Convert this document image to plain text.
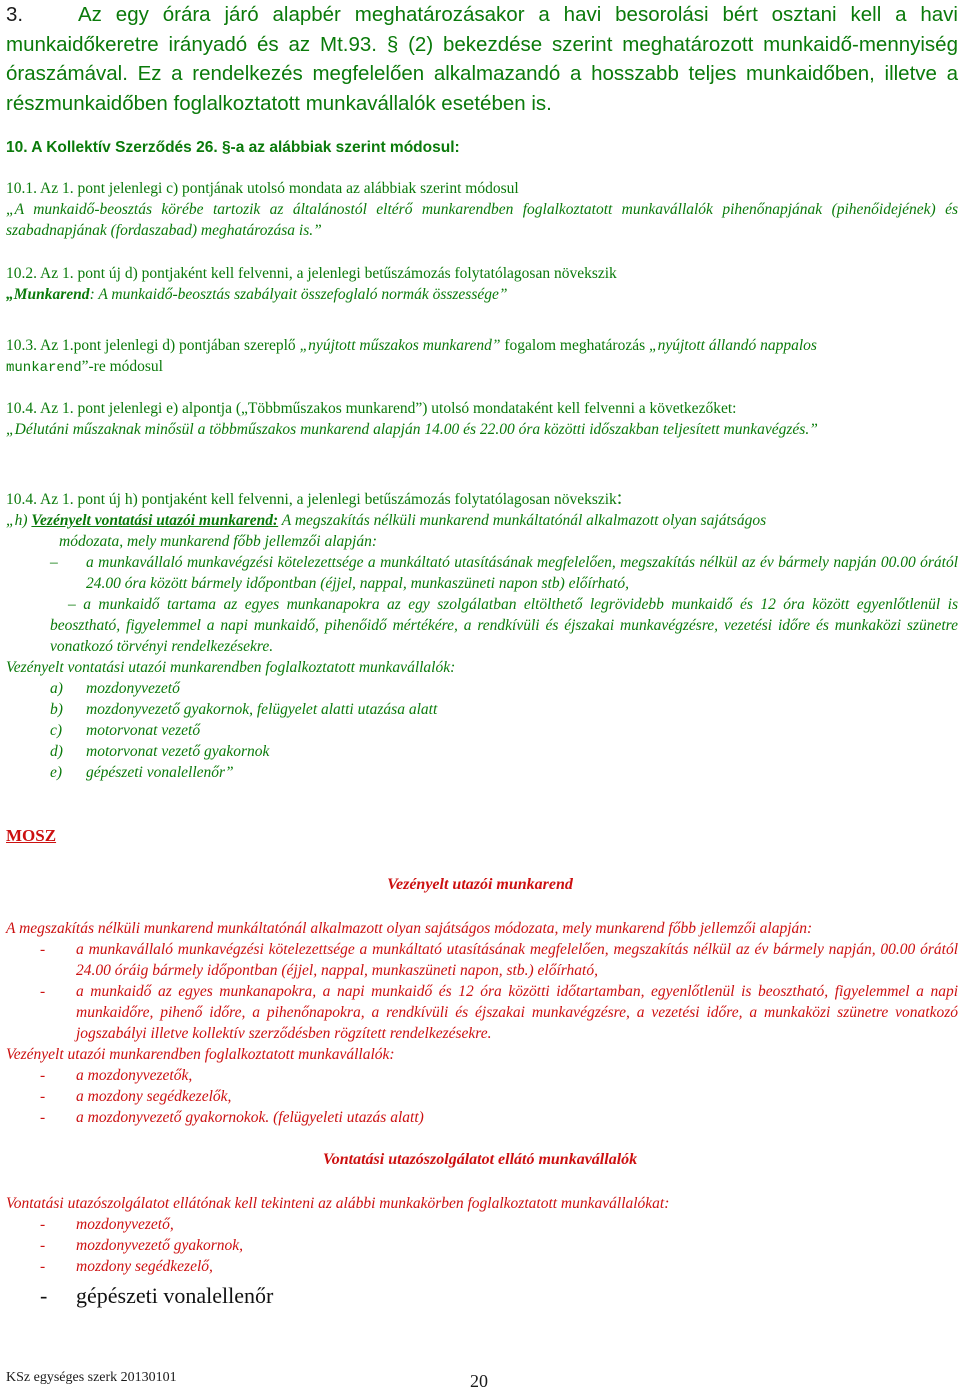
3.	Az egy órára járó alapbér meghatározásakor a havi besorolási bért osztani kell a havi munkaidőkeretre irányadó és az Mt.93. § (2) bekezdése szerint meghatározott munkaidő-mennyiség óraszámával. Ez a rendelkezés megfelelően alkalmazandó a hosszabb teljes munkaidőben, illetve a részmunkaidőben foglalkoztatott munkavállalók esetében is.
10. A Kollektív Szerződés 26. §-a az alábbiak szerint módosul:
10.1. Az 1. pont jelenlegi c) pontjának utolsó mondata az alábbiak szerint módosul
„A munkaidő-beosztás körébe tartozik az általánostól eltérő munkarendben foglalkoztatott munkavállalók pihenőnapjának (pihenőidejének) és szabadnapjának (fordaszabad) meghatározása is.”
10.2. Az 1. pont új d) pontjaként kell felvenni, a jelenlegi betűszámozás folytatólagosan növekszik
„Munkarend: A munkaidő-beosztás szabályait összefoglaló normák összessége”
10.3. Az 1.pont jelenlegi d) pontjában szereplő „nyújtott műszakos munkarend” fogalom meghatározás „nyújtott állandó nappalos
munkarend”-re módosul
10.4. Az 1. pont jelenlegi e) alpontja („Többműszakos munkarend”) utolsó mondataként kell felvenni a következőket:
„Délutáni műszaknak minősül a többműszakos munkarend alapján 14.00 és 22.00 óra közötti időszakban teljesített munkavégzés.”
10.4. Az 1. pont új h) pontjaként kell felvenni, a jelenlegi betűszámozás folytatólagosan növekszik:
„h) Vezényelt vontatási utazói munkarend: A megszakítás nélküli munkarend munkáltatónál alkalmazott olyan sajátságos
módozata, mely munkarend főbb jellemzői alapján:
– a munkavállaló munkavégzési kötelezettsége a munkáltató utasításának megfelelően, megszakítás nélkül az év bármely napján 00.00 órától 24.00 óra között bármely időpontban (éjjel, nappal, munkaszüneti napon stb) előírható,
– a munkaidő tartama az egyes munkanapokra az egy szolgálatban eltölthető legrövidebb munkaidő és 12 óra között egyenlőtlenül is beosztható, figyelemmel a napi munkaidő, pihenőidő mértékére, a rendkívüli és éjszakai munkavégzésre, vezetési időre és munkaközi szünetre vonatkozó törvényi rendelkezésekre.
Vezényelt vontatási utazói munkarendben foglalkoztatott munkavállalók:
a) mozdonyvezető
b) mozdonyvezető gyakornok, felügyelet alatti utazása alatt
c) motorvonat vezető
d) motorvonat vezető gyakornok
e) gépészeti vonalellenőr”
MOSZ
Vezényelt utazói munkarend
A megszakítás nélküli munkarend munkáltatónál alkalmazott olyan sajátságos módozata, mely munkarend főbb jellemzői alapján:
- a munkavállaló munkavégzési kötelezettsége a munkáltató utasításának megfelelően, megszakítás nélkül az év bármely napján, 00.00 órától 24.00 óráig bármely időpontban (éjjel, nappal, munkaszüneti napon, stb.) előírható,
- a munkaidő az egyes munkanapokra, a napi munkaidő és 12 óra közötti időtartamban, egyenlőtlenül is beosztható, figyelemmel a napi munkaidőre, pihenő időre, a pihenőnapokra, a rendkívüli és éjszakai munkavégzésre, a vezetési időre, a munkaközi szünetre vonatkozó jogszabályi illetve kollektív szerződésben rögzített rendelkezésekre.
Vezényelt utazói munkarendben foglalkoztatott munkavállalók:
- a mozdonyvezetők,
- a mozdony segédkezelők,
- a mozdonyvezető gyakornokok. (felügyeleti utazás alatt)
Vontatási utazószolgálatot ellátó munkavállalók
Vontatási utazószolgálatot ellátónak kell tekinteni az alábbi munkakörben foglalkoztatott munkavállalókat:
- mozdonyvezető,
- mozdonyvezető gyakornok,
- mozdony segédkezelő,
- gépészeti vonalellenőr
KSz egységes szerk 20130101	20
